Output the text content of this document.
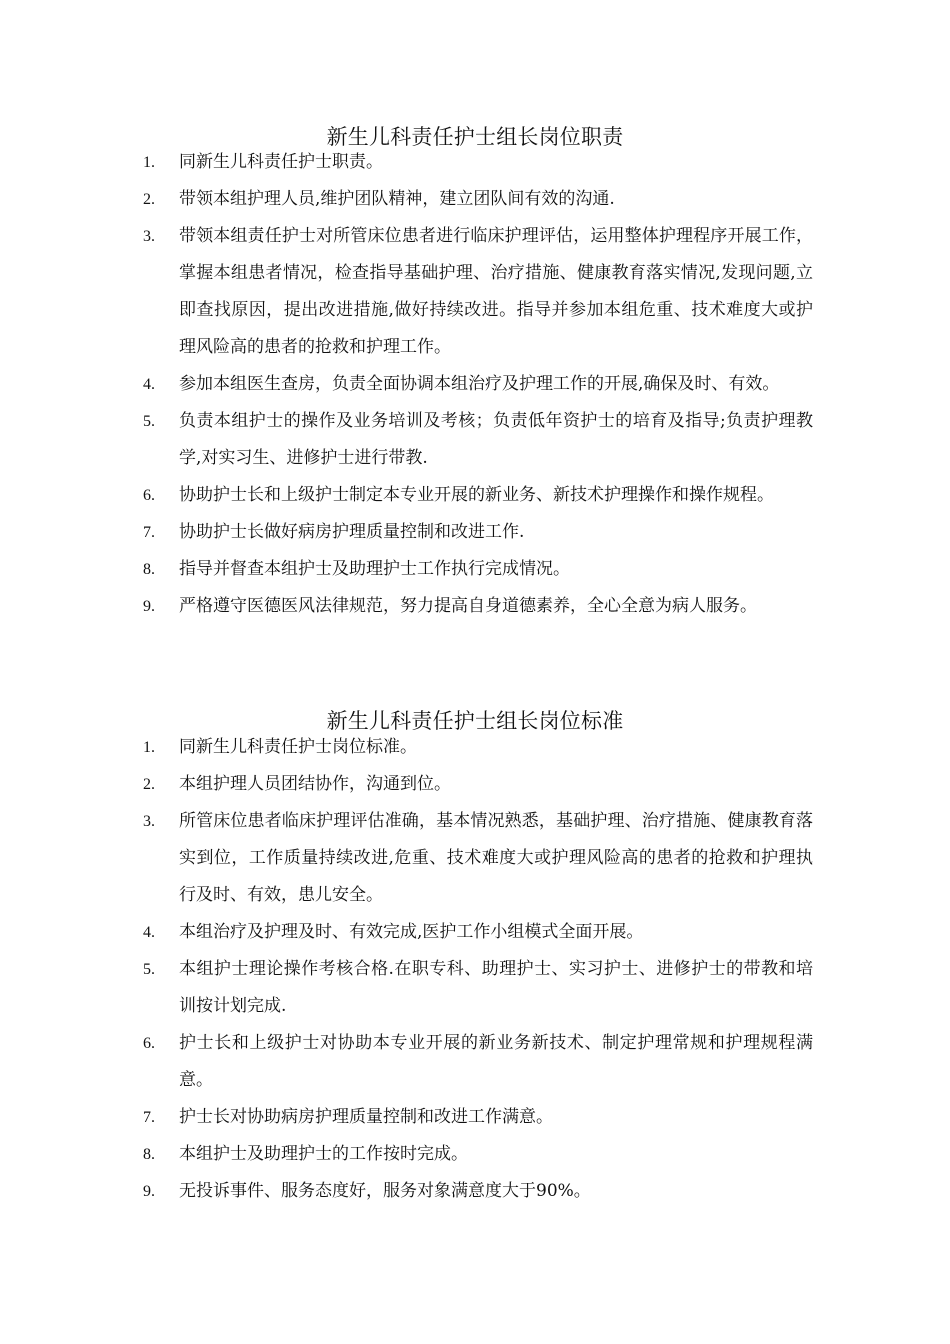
新生儿科责任护士组长岗位职责
1.	同新生儿科责任护士职责。
2.	带领本组护理人员,维护团队精神，建立团队间有效的沟通.
3.	带领本组责任护士对所管床位患者进行临床护理评估，运用整体护理程序开展工作，掌握本组患者情况，检查指导基础护理、治疗措施、健康教育落实情况,发现问题,立即查找原因，提出改进措施,做好持续改进。指导并参加本组危重、技术难度大或护理风险高的患者的抢救和护理工作。
4.	参加本组医生查房，负责全面协调本组治疗及护理工作的开展,确保及时、有效。
5.	负责本组护士的操作及业务培训及考核；负责低年资护士的培育及指导;负责护理教学,对实习生、进修护士进行带教.
6.	协助护士长和上级护士制定本专业开展的新业务、新技术护理操作和操作规程。
7.	协助护士长做好病房护理质量控制和改进工作.
8.	指导并督查本组护士及助理护士工作执行完成情况。
9.	严格遵守医德医风法律规范，努力提高自身道德素养，全心全意为病人服务。
新生儿科责任护士组长岗位标准
1.	同新生儿科责任护士岗位标准。
2.	本组护理人员团结协作，沟通到位。
3.	所管床位患者临床护理评估准确，基本情况熟悉，基础护理、治疗措施、健康教育落实到位，工作质量持续改进,危重、技术难度大或护理风险高的患者的抢救和护理执行及时、有效，患儿安全。
4.	本组治疗及护理及时、有效完成,医护工作小组模式全面开展。
5.	本组护士理论操作考核合格.在职专科、助理护士、实习护士、进修护士的带教和培训按计划完成.
6.	护士长和上级护士对协助本专业开展的新业务新技术、制定护理常规和护理规程满意。
7.	护士长对协助病房护理质量控制和改进工作满意。
8.	本组护士及助理护士的工作按时完成。
9.	无投诉事件、服务态度好，服务对象满意度大于90%。
